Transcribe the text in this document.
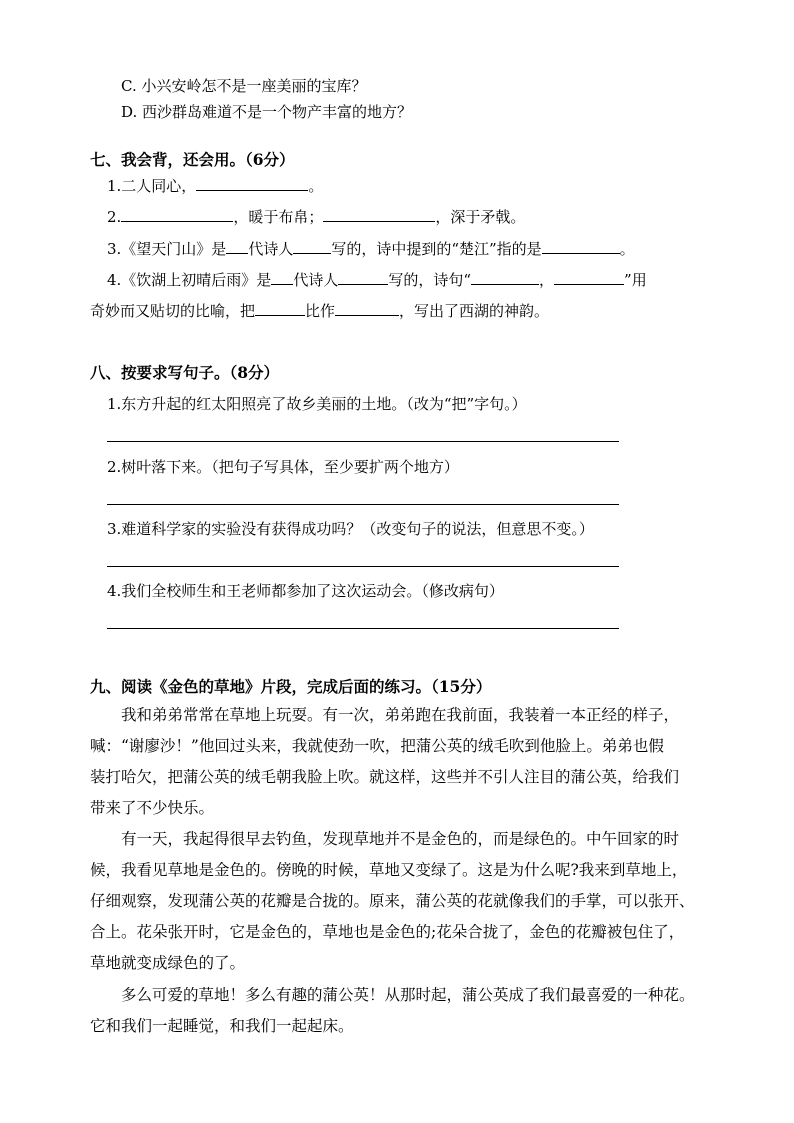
C. 小兴安岭怎不是一座美丽的宝库？
D. 西沙群岛难道不是一个物产丰富的地方？
七、我会背，还会用。（6分）
1.二人同心，	。
2.	，暖于布帛；	，深于矛戟。
3.《望天门山》是 代诗人	写的，诗中提到的“楚江”指的是	。
4.《饮湖上初晴后雨》是 代诗人	写的，诗句“	，	”用
奇妙而又贴切的比喻，把	比作	，写出了西湖的神韵。
八、按要求写句子。（8分）
1.东方升起的红太阳照亮了故乡美丽的土地。（改为“把”字句。）
2.树叶落下来。（把句子写具体，至少要扩两个地方）
3.难道科学家的实验没有获得成功吗？（改变句子的说法，但意思不变。）
4.我们全校师生和王老师都参加了这次运动会。（修改病句）
九、阅读《金色的草地》片段，完成后面的练习。（15分）
我和弟弟常常在草地上玩耍。有一次，弟弟跑在我前面，我装着一本正经的样子，
喊：“谢廖沙！”他回过头来，我就使劲一吹，把蒲公英的绒毛吹到他脸上。弟弟也假
装打哈欠，把蒲公英的绒毛朝我脸上吹。就这样，这些并不引人注目的蒲公英，给我们
带来了不少快乐。
有一天，我起得很早去钓鱼，发现草地并不是金色的，而是绿色的。中午回家的时
候，我看见草地是金色的。傍晚的时候，草地又变绿了。这是为什么呢?我来到草地上，
仔细观察，发现蒲公英的花瓣是合拢的。原来，蒲公英的花就像我们的手掌，可以张开、
合上。花朵张开时，它是金色的，草地也是金色的;花朵合拢了，金色的花瓣被包住了，
草地就变成绿色的了。
多么可爱的草地！多么有趣的蒲公英！从那时起，蒲公英成了我们最喜爱的一种花。
它和我们一起睡觉，和我们一起起床。
